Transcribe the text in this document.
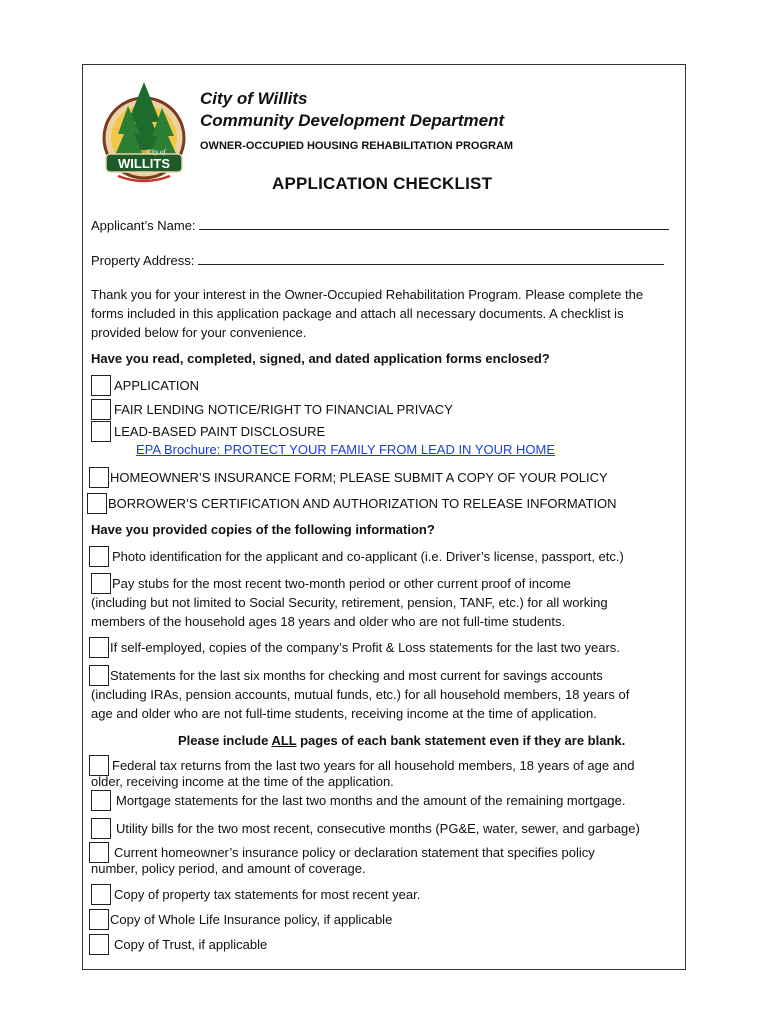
WILLITS
City of
City of Willits
Community Development Department
OWNER-OCCUPIED HOUSING REHABILITATION PROGRAM
APPLICATION CHECKLIST
Applicant’s Name:
Property Address:
Thank you for your interest in the Owner-Occupied Rehabilitation Program. Please complete the
forms included in this application package and attach all necessary documents. A checklist is
provided below for your convenience.
Have you read, completed, signed, and dated application forms enclosed?
APPLICATION
FAIR LENDING NOTICE/RIGHT TO FINANCIAL PRIVACY
LEAD-BASED PAINT DISCLOSURE
EPA Brochure: PROTECT YOUR FAMILY FROM LEAD IN YOUR HOME
HOMEOWNER’S INSURANCE FORM; PLEASE SUBMIT A COPY OF YOUR POLICY
BORROWER’S CERTIFICATION AND AUTHORIZATION TO RELEASE INFORMATION
Have you provided copies of the following information?
Photo identification for the applicant and co-applicant (i.e. Driver’s license, passport, etc.)
Pay stubs for the most recent two-month period or other current proof of income
(including but not limited to Social Security, retirement, pension, TANF, etc.) for all working
members of the household ages 18 years and older who are not full-time students.
If self-employed, copies of the company’s Profit & Loss statements for the last two years.
Statements for the last six months for checking and most current for savings accounts
(including IRAs, pension accounts, mutual funds, etc.) for all household members, 18 years of
age and older who are not full-time students, receiving income at the time of application.
Please include ALL pages of each bank statement even if they are blank.
Federal tax returns from the last two years for all household members, 18 years of age and
older, receiving income at the time of the application.
Mortgage statements for the last two months and the amount of the remaining mortgage.
Utility bills for the two most recent, consecutive months (PG&E, water, sewer, and garbage)
Current homeowner’s insurance policy or declaration statement that specifies policy
number, policy period, and amount of coverage.
Copy of property tax statements for most recent year.
Copy of Whole Life Insurance policy, if applicable
Copy of Trust, if applicable
